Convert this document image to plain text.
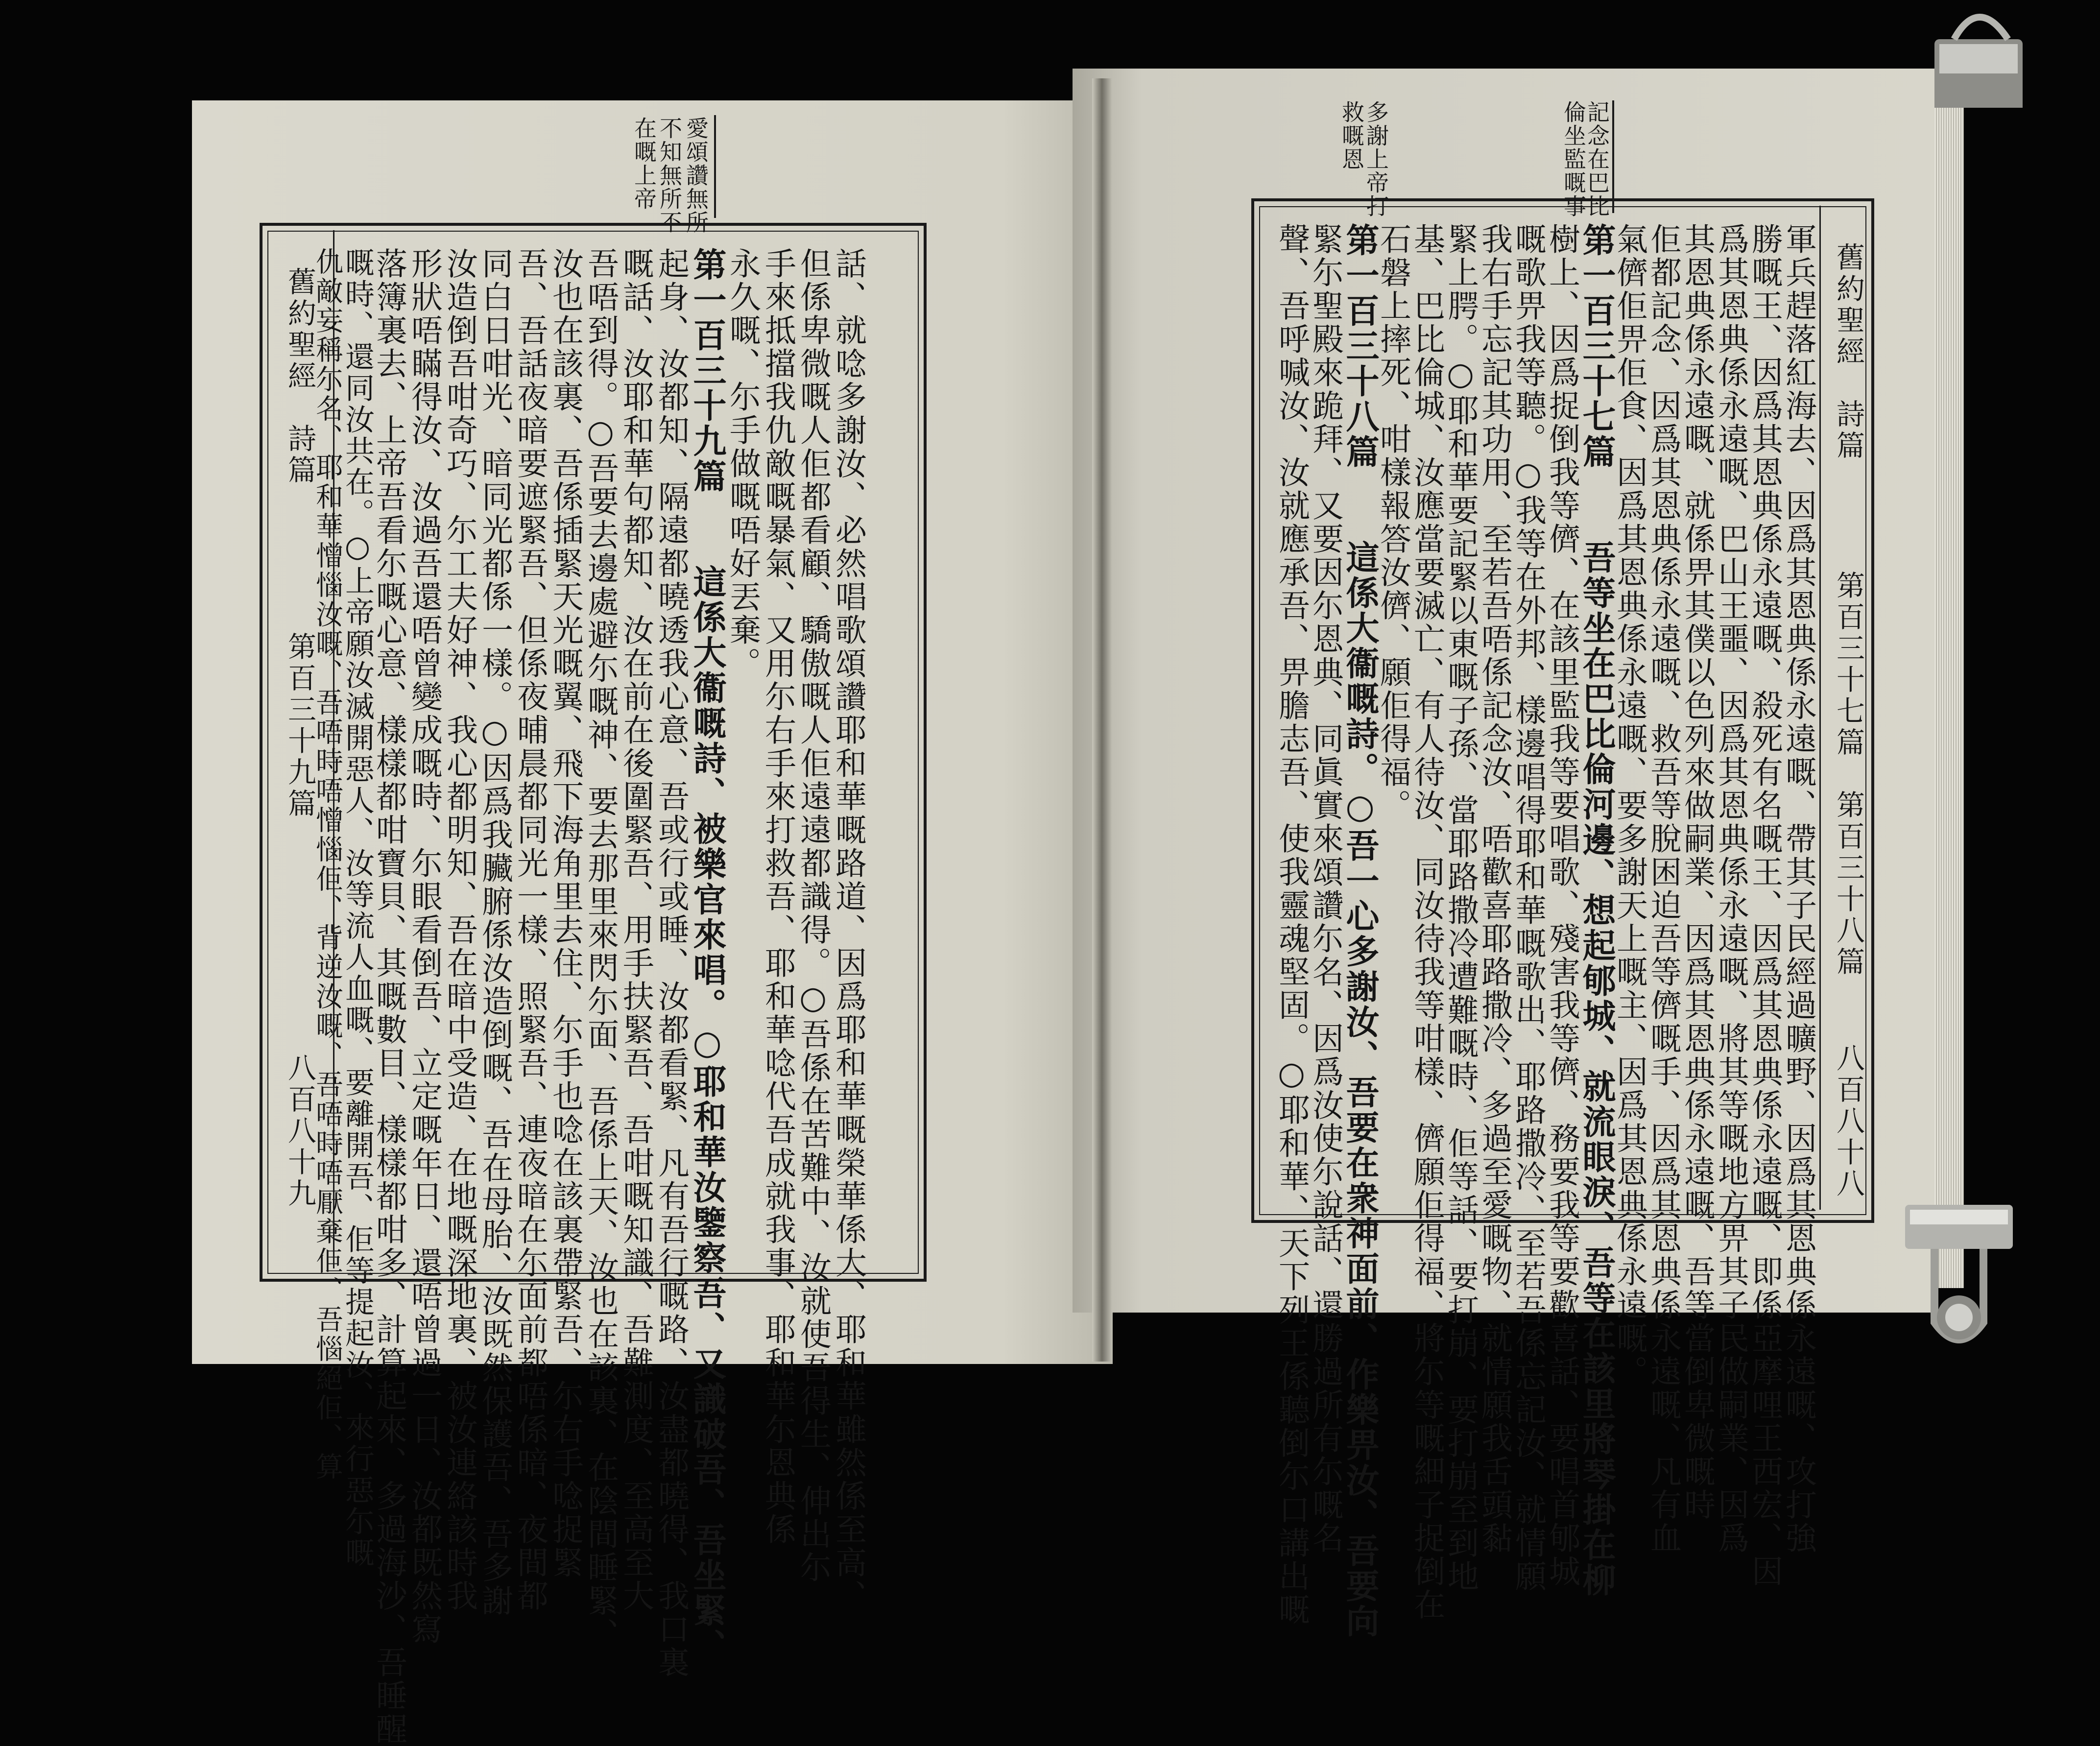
愛頌讚無所
不知無所不
在嘅上帝	記念在巴比
倫坐監嘅事
多謝上帝打
救嘅恩
舊約聖經　詩篇
第百三十九篇
八百八十九
舊約聖經　詩篇
第百三十七篇　第百三十八篇
八百八十八
話、就唸多謝汝、必然唱歌頌讚耶和華嘅路道、因爲耶和華嘅榮華係大、耶和華雖然係至高、
但係卑微嘅人佢都看顧、驕傲嘅人佢遠遠都識得。○吾係在苦難中、汝就使吾得生、伸出尓
手來抵擋我仇敵嘅暴氣、又用尓右手來打救吾、耶和華唸代吾成就我事、耶和華尓恩典係
永久嘅、尓手做嘅唔好丟棄。
第一百三十九篇　　這係大衞嘅詩、被樂官來唱。○耶和華汝鑒察吾、又識破吾、吾坐緊、
起身、汝都知、隔遠都曉透我心意、吾或行或睡、汝都看緊、凡有吾行嘅路、汝盡都曉得、我口裏
嘅話、汝耶和華句都知、汝在前在後圍緊吾、用手扶緊吾、吾咁嘅知識、吾難測度、至高至大
吾唔到得。○吾要去邊處避尓嘅神、要去那里來閃尓面、吾係上天、汝也在該裏、在陰間睡緊、
汝也在該裏、吾係插緊天光嘅翼、飛下海角里去住、尓手也唸在該裏帶緊吾、尓右手唸捉緊
吾、吾話夜暗要遮緊吾、但係夜晡晨都同光一樣、照緊吾、連夜暗在尓面前都唔係暗、夜間都
同白日咁光、暗同光都係一樣。○因爲我臟腑係汝造倒嘅、吾在母胎、汝既然保護吾、吾多謝
汝造倒吾咁奇巧、尓工夫好神、我心都明知、吾在暗中受造、在地嘅深地裏、被汝連絡該時我
形狀唔瞞得汝、汝過吾還唔曾變成嘅時、尓眼看倒吾、立定嘅年日、還唔曾過一日、汝都既然寫
落簿裏去、上帝吾看尓嘅心意、樣樣都咁寶貝、其嘅數目、樣樣都咁多、計算起來、多過海沙、吾睡醒
嘅時、還同汝共在。○上帝願汝滅開惡人、汝等流人血嘅、要離開吾、佢等提起汝、來行惡尓嘅
仇敵妄稱尓名、耶和華憎惱汝嘅、吾唔時唔憎惱佢、背逆汝嘅、吾唔時唔厭棄佢、吾惱絕佢、算	軍兵趕落紅海去、因爲其恩典係永遠嘅、帶其子民經過曠野、因爲其恩典係永遠嘅、攻打強
勝嘅王、因爲其恩典係永遠嘅、殺死有名嘅王、因爲其恩典係永遠嘅、即係亞摩哩王西宏、因
爲其恩典係永遠嘅、巴山王噩、因爲其恩典係永遠嘅、將其等嘅地方畀其子民做嗣業、因爲
其恩典係永遠嘅、就係畀其僕以色列來做嗣業、因爲其恩典係永遠嘅、吾等當倒卑微嘅時
佢都記念、因爲其恩典係永遠嘅、救吾等脫困迫吾等儕嘅手、因爲其恩典係永遠嘅、凡有血
氣儕佢畀佢食、因爲其恩典係永遠嘅、要多謝天上嘅主、因爲其恩典係永遠嘅。
第一百三十七篇　　吾等坐在巴比倫河邊、想起郇城、就流眼淚、吾等在該里將琴掛在柳
樹上、因爲捉倒我等儕、在該里監我等要唱歌、殘害我等儕、務要我等要歡喜話、要唱首郇城
嘅歌畀我等聽。○我等在外邦、樣邊唱得耶和華嘅歌出、耶路撒冷、至若吾係忘記汝、就情願
我右手忘記其功用、至若吾唔係記念汝、唔歡喜耶路撒冷、多過至愛嘅物、就情願我舌頭黏
緊上腭。○耶和華要記緊以東嘅子孫、當耶路撒冷遭難嘅時、佢等話、要打崩、要打崩至到地
基、巴比倫城、汝應當要滅亡、有人待汝、同汝待我等咁樣、儕願佢得福、將尓等嘅細子捉倒在
石磐上摔死、咁樣報答汝儕、願佢得福。
第一百三十八篇　　這係大衞嘅詩。○吾一心多謝汝、吾要在衆神面前、作樂畀汝、吾要向
緊尓聖殿來跪拜、又要因尓恩典、同眞實來頌讚尓名、因爲汝使尓說話、還勝過所有尓嘅名
聲、吾呼喊汝、汝就應承吾、畀膽志吾、使我靈魂堅固。○耶和華、天下列王係聽倒尓口講出嘅
